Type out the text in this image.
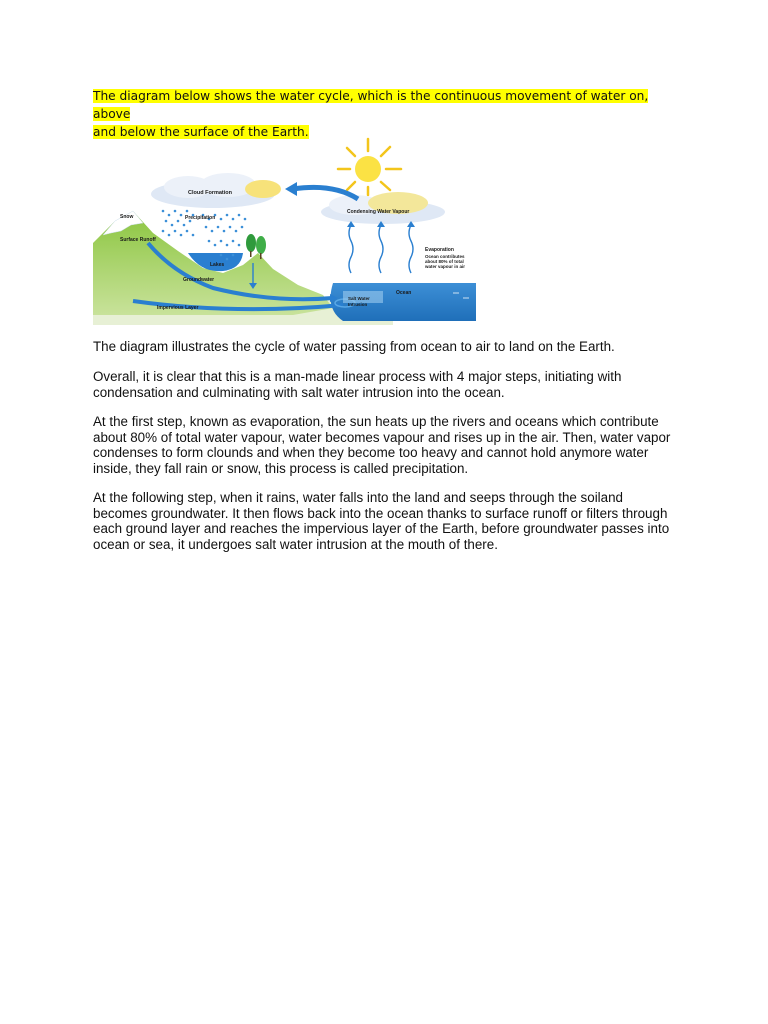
The diagram below shows the water cycle, which is the continuous movement of water on, above
and below the surface of the Earth.
Cloud Formation
Condensing Water Vapour
Snow	Precipitation
Surface Runoff
Lakes
Groundwater
Impervious Layer
Ocean
Salt Water
Intrusion
Evaporation
Ocean contributes
about 80% of total
water vapour in air

The diagram illustrates the cycle of water passing from ocean to air to land on the Earth.

Overall, it is clear that this is a man-made linear process with 4 major steps, initiating with condensation and culminating with salt water intrusion into the ocean.

At the first step, known as evaporation, the sun heats up the rivers and oceans which contribute about 80% of total water vapour, water becomes vapour and rises up in the air. Then, water vapor condenses to form clounds and when they become too heavy and cannot hold anymore water inside, they fall rain or snow, this process is called precipitation.

At the following step, when it rains, water falls into the land and seeps through the soiland becomes groundwater. It then flows back into the ocean thanks to surface runoff or filters through each ground layer and reaches the impervious layer of the Earth, before groundwater passes into ocean or sea, it undergoes salt water intrusion at the mouth of there.
